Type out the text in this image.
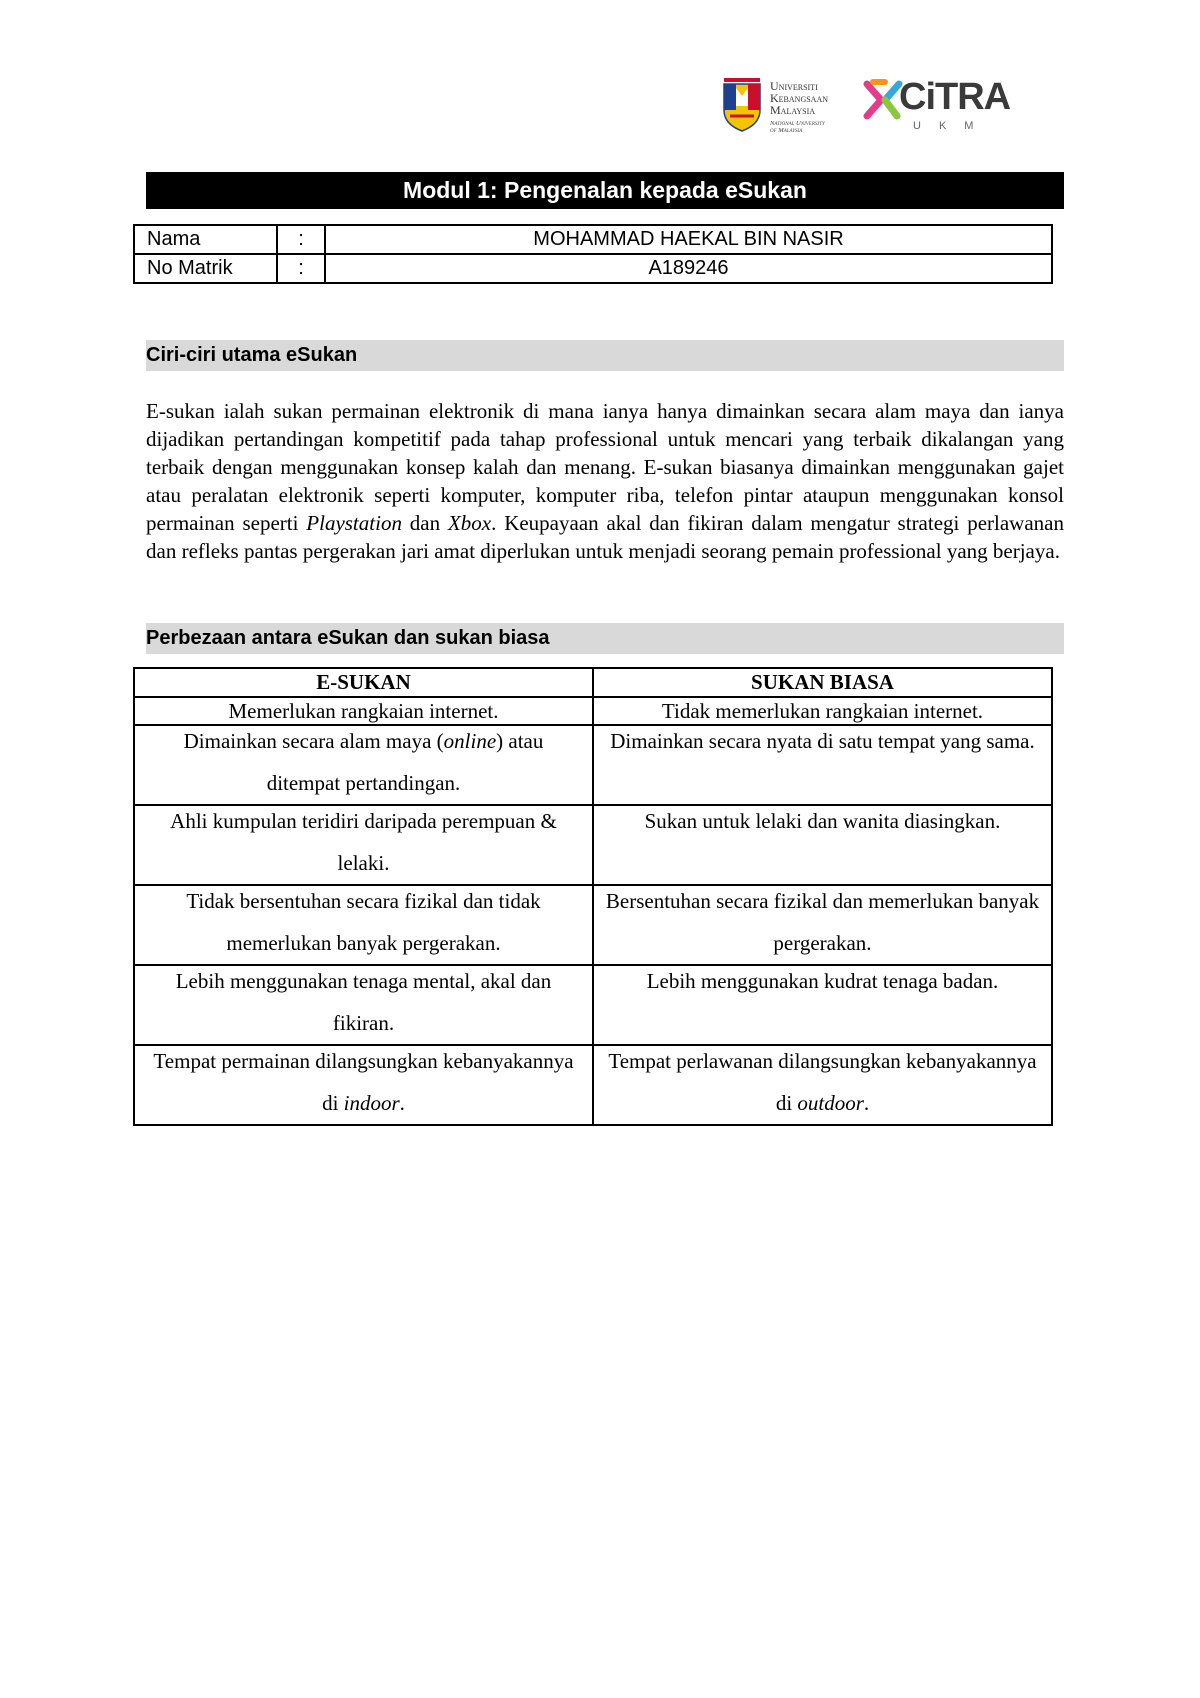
Universiti
Kebangsaan
Malaysia
National University
of Malaysia
CiTRA
UKM
Modul 1: Pengenalan kepada eSukan
Nama	:	MOHAMMAD HAEKAL BIN NASIR
No Matrik	:	A189246
Ciri-ciri utama eSukan
E-sukan ialah sukan permainan elektronik di mana ianya hanya dimainkan secara alam maya dan ianya dijadikan pertandingan kompetitif pada tahap professional untuk mencari yang terbaik dikalangan yang terbaik dengan menggunakan konsep kalah dan menang. E-sukan biasanya dimainkan menggunakan gajet atau peralatan elektronik seperti komputer, komputer riba, telefon pintar ataupun menggunakan konsol permainan seperti Playstation dan Xbox. Keupayaan akal dan fikiran dalam mengatur strategi perlawanan dan refleks pantas pergerakan jari amat diperlukan untuk menjadi seorang pemain professional yang berjaya.
Perbezaan antara eSukan dan sukan biasa
E-SUKAN	SUKAN BIASA
Memerlukan rangkaian internet.	Tidak memerlukan rangkaian internet.

Dimainkan secara alam maya (online) atau ditempat pertandingan.	Dimainkan secara nyata di satu tempat yang sama.

Ahli kumpulan teridiri daripada perempuan & lelaki.	Sukan untuk lelaki dan wanita diasingkan.

Tidak bersentuhan secara fizikal dan tidak memerlukan banyak pergerakan.	Bersentuhan secara fizikal dan memerlukan banyak pergerakan.

Lebih menggunakan tenaga mental, akal dan fikiran.	Lebih menggunakan kudrat tenaga badan.

Tempat permainan dilangsungkan kebanyakannya di indoor.	Tempat perlawanan dilangsungkan kebanyakannya di outdoor.
